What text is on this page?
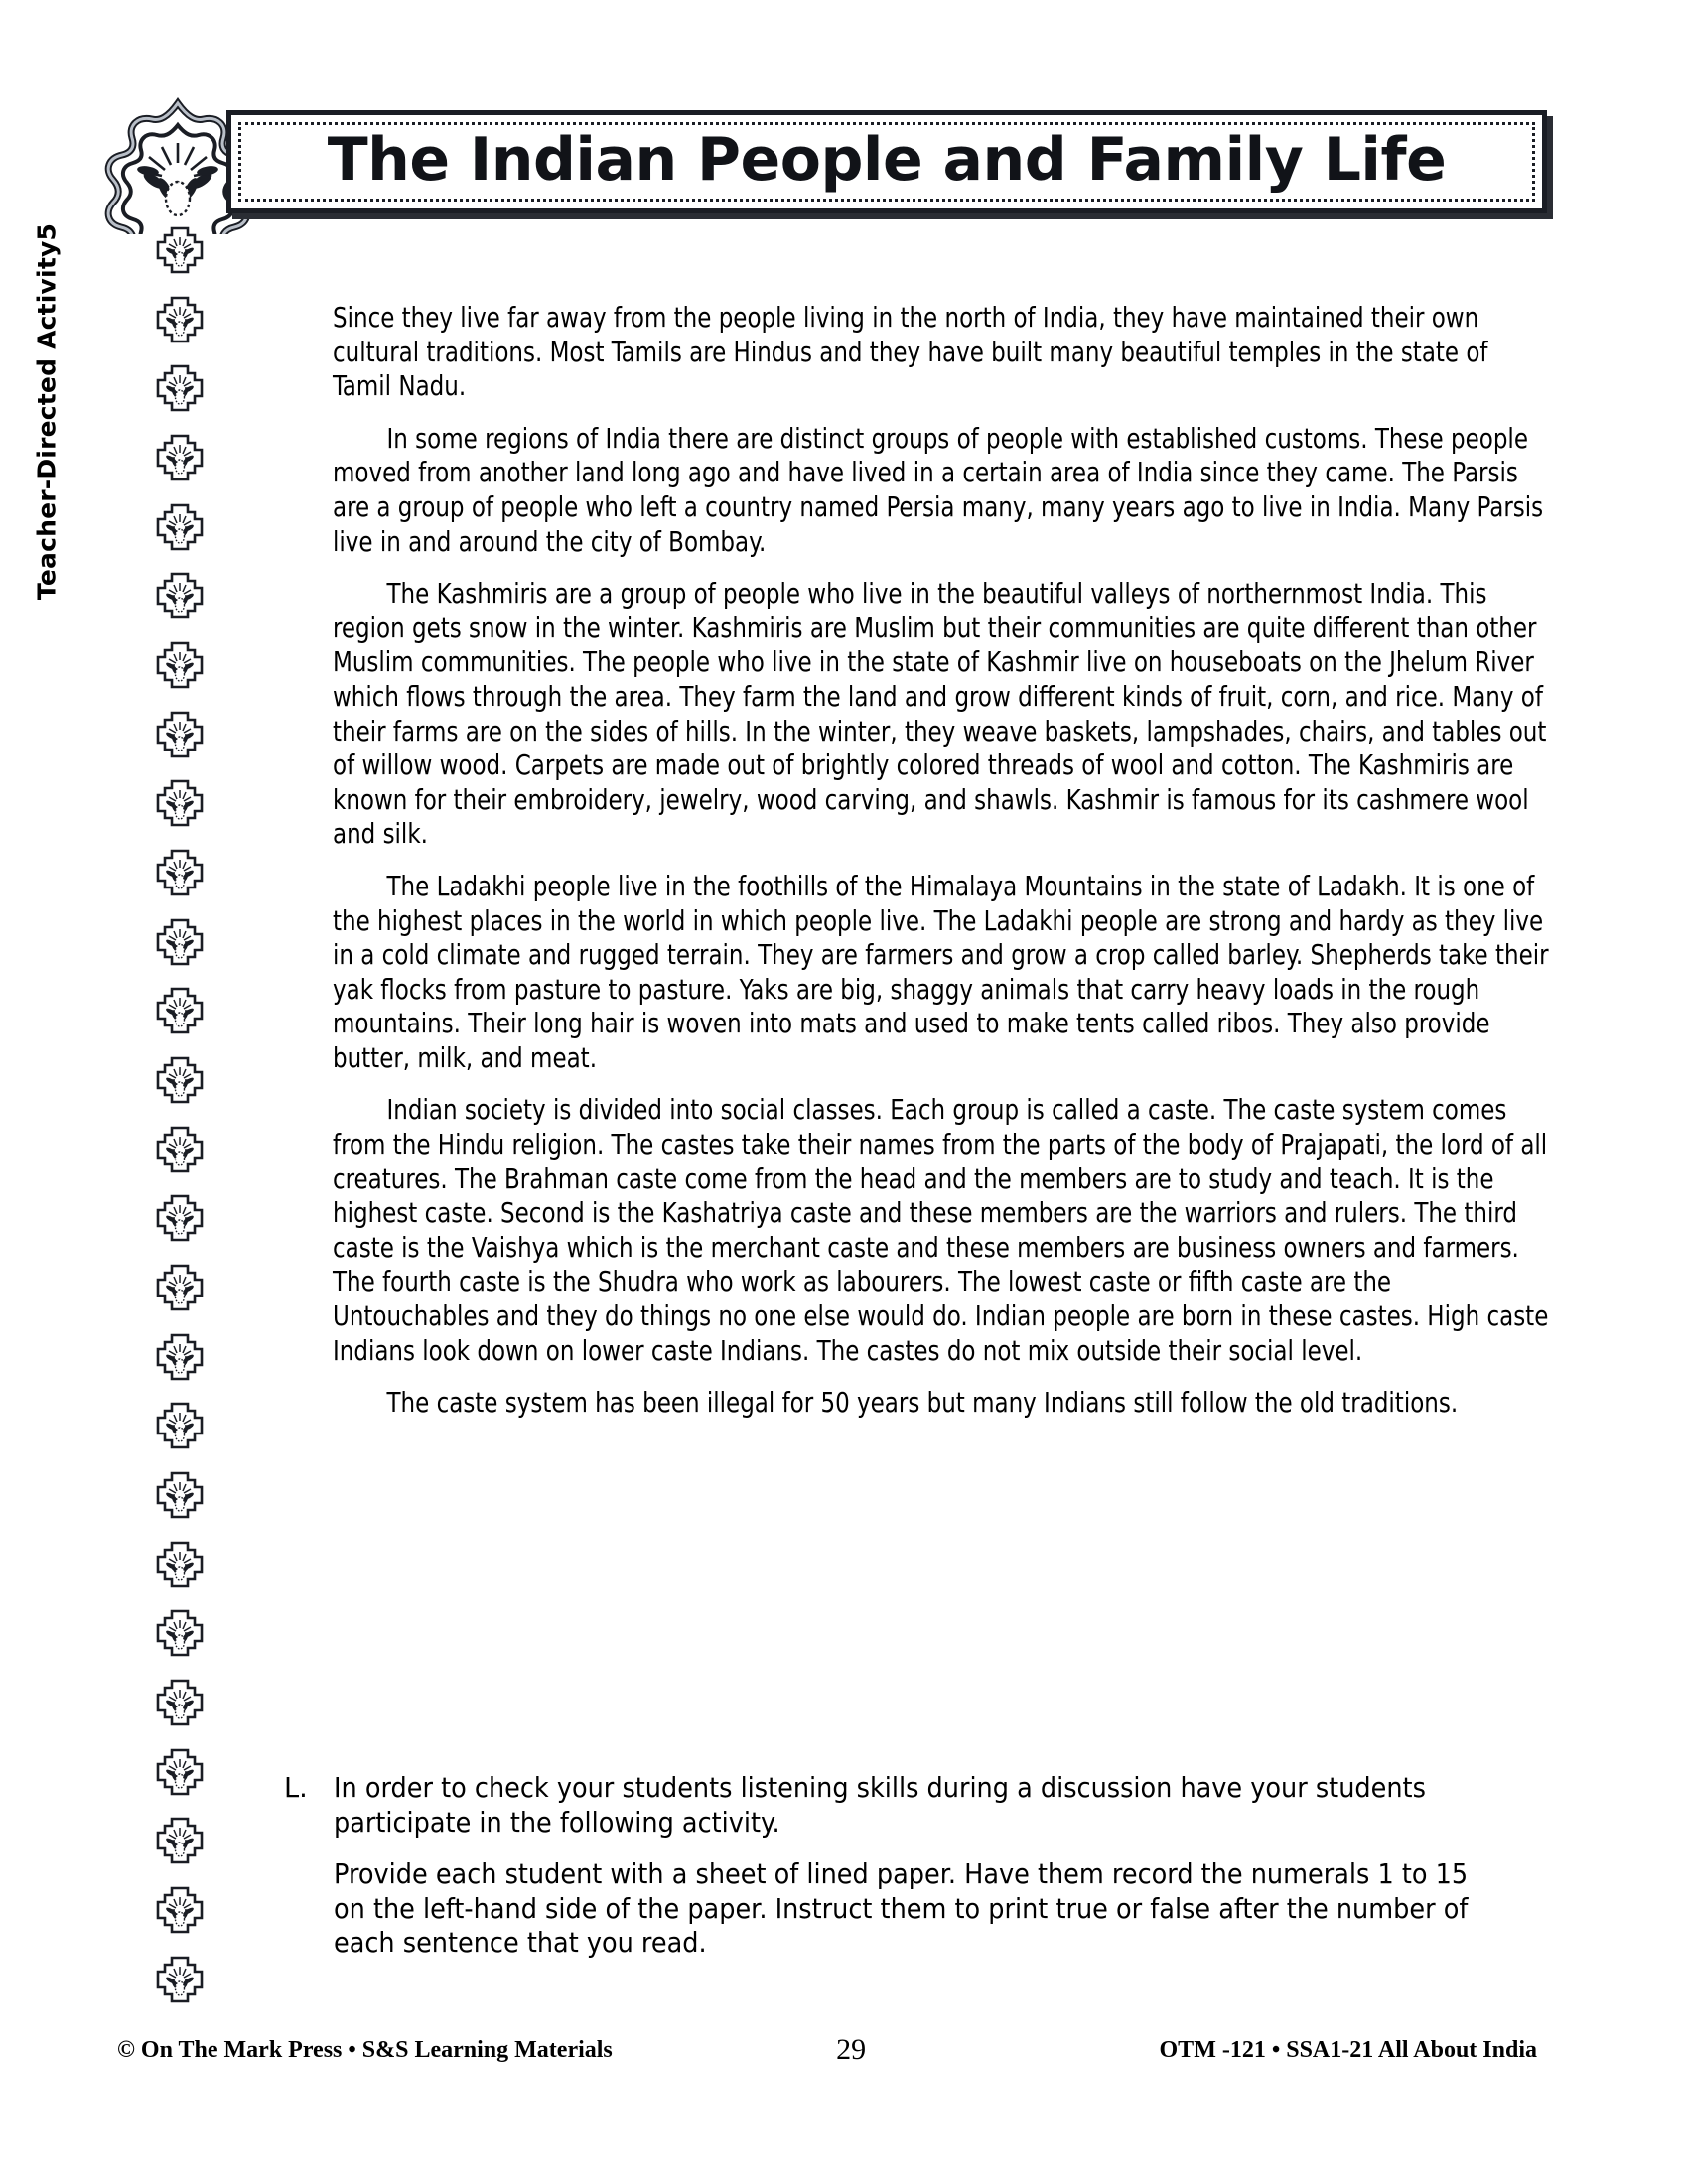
The Indian People and Family Life
Teacher-Directed Activity5	Since they live far away from the people living in the north of India, they have maintained their own cultural traditions. Most Tamils are Hindus and they have built many beautiful temples in the state of Tamil Nadu.

In some regions of India there are distinct groups of people with established customs. These people moved from another land long ago and have lived in a certain area of India since they came. The Parsis are a group of people who left a country named Persia many, many years ago to live in India. Many Parsis live in and around the city of Bombay.

The Kashmiris are a group of people who live in the beautiful valleys of northernmost India. This region gets snow in the winter. Kashmiris are Muslim but their communities are quite different than other Muslim communities. The people who live in the state of Kashmir live on houseboats on the Jhelum River which flows through the area. They farm the land and grow different kinds of fruit, corn, and rice. Many of their farms are on the sides of hills. In the winter, they weave baskets, lampshades, chairs, and tables out of willow wood. Carpets are made out of brightly colored threads of wool and cotton. The Kashmiris are known for their embroidery, jewelry, wood carving, and shawls. Kashmir is famous for its cashmere wool and silk.

The Ladakhi people live in the foothills of the Himalaya Mountains in the state of Ladakh. It is one of the highest places in the world in which people live. The Ladakhi people are strong and hardy as they live in a cold climate and rugged terrain. They are farmers and grow a crop called barley. Shepherds take their yak flocks from pasture to pasture. Yaks are big, shaggy animals that carry heavy loads in the rough mountains. Their long hair is woven into mats and used to make tents called ribos. They also provide butter, milk, and meat.

Indian society is divided into social classes. Each group is called a caste. The caste system comes from the Hindu religion. The castes take their names from the parts of the body of Prajapati, the lord of all creatures. The Brahman caste come from the head and the members are to study and teach. It is the highest caste. Second is the Kashatriya caste and these members are the warriors and rulers. The third caste is the Vaishya which is the merchant caste and these members are business owners and farmers. The fourth caste is the Shudra who work as labourers. The lowest caste or fifth caste are the Untouchables and they do things no one else would do. Indian people are born in these castes. High caste Indians look down on lower caste Indians. The castes do not mix outside their social level.

The caste system has been illegal for 50 years but many Indians still follow the old traditions.

L. In order to check your students listening skills during a discussion have your students participate in the following activity.
Provide each student with a sheet of lined paper. Have them record the numerals 1 to 15 on the left-hand side of the paper. Instruct them to print true or false after the number of each sentence that you read.
© On The Mark Press • S&S Learning Materials	29	OTM -121 • SSA1-21 All About India
